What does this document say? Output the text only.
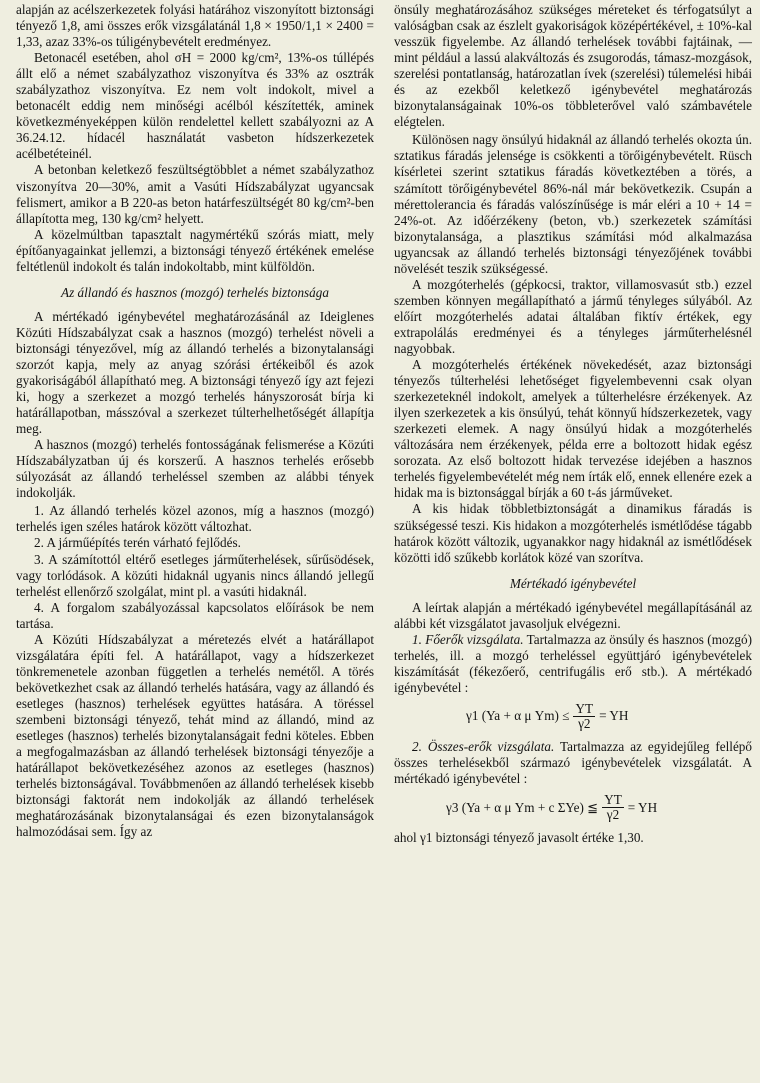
alapján az acélszerkezetek folyási határához viszonyított biztonsági tényező 1,8, ami összes erők vizsgálatánál 1,8 × 1950/1,1 × 2400 = 1,33, azaz 33%-os túligénybevételt eredményez.

Betonacél esetében, ahol σH = 2000 kg/cm², 13%-os túllépés állt elő a német szabályzathoz viszonyítva és 33% az osztrák szabályzathoz viszonyítva. Ez nem volt indokolt, mivel a betonacélt eddig nem minőségi acélból készítették, aminek következményeképpen külön rendelettel kellett szabályozni az A 36.24.12. hídacél használatát vasbeton hídszerkezetek acélbetéteinél.

A betonban keletkező feszültségtöbblet a német szabályzathoz viszonyítva 20—30%, amit a Vasúti Hídszabályzat ugyancsak felismert, amikor a B 220-as beton határfeszültségét 80 kg/cm²-ben állapította meg, 130 kg/cm² helyett.

A közelmúltban tapasztalt nagymértékű szórás miatt, mely építőanyagainkat jellemzi, a biztonsági tényező értékének emelése feltétlenül indokolt és talán indokoltabb, mint külföldön.

Az állandó és hasznos (mozgó) terhelés biztonsága

A mértékadó igénybevétel meghatározásánál az Ideiglenes Közúti Hídszabályzat csak a hasznos (mozgó) terhelést növeli a biztonsági tényezővel, míg az állandó terhelés a bizonytalansági szorzót kapja, mely az anyag szórási értékeiből és azok gyakoriságából állapítható meg. A biztonsági tényező így azt fejezi ki, hogy a szerkezet a mozgó terhelés hányszorosát bírja ki határállapotban, másszóval a szerkezet túlterhelhetőségét állapítja meg.

A hasznos (mozgó) terhelés fontosságának felismerése a Közúti Hídszabályzatban új és korszerű. A hasznos terhelés erősebb súlyozását az állandó terheléssel szemben az alábbi tények indokolják.

1. Az állandó terhelés közel azonos, míg a hasznos (mozgó) terhelés igen széles határok között változhat.

2. A járműépítés terén várható fejlődés.

3. A számítottól eltérő esetleges járműterhelések, sűrűsödések, vagy torlódások. A közúti hidaknál ugyanis nincs állandó jellegű terhelést ellenőrző szolgálat, mint pl. a vasúti hidaknál.

4. A forgalom szabályozással kapcsolatos előírások be nem tartása.

A Közúti Hídszabályzat a méretezés elvét a határállapot vizsgálatára építi fel. A határállapot, vagy a hídszerkezet tönkremenetele azonban független a terhelés nemétől. A törés bekövetkezhet csak az állandó terhelés hatására, vagy az állandó és esetleges (hasznos) terhelések együttes hatására. A töréssel szembeni biztonsági tényező, tehát mind az állandó, mind az esetleges (hasznos) terhelés bizonytalanságait fedni köteles. Ebben a megfogalmazásban az állandó terhelések biztonsági tényezője a határállapot bekövetkezéséhez azonos az esetleges (hasznos) terhelés biztonságával. Továbbmenően az állandó terhelések kisebb biztonsági faktorát nem indokolják az állandó terhelések meghatározásának bizonytalanságai és ezen bizonytalanságok halmozódásai sem. Így az

önsúly meghatározásához szükséges méreteket és térfogatsúlyt a valóságban csak az észlelt gyakoriságok középértékével, ± 10%-kal vesszük figyelembe. Az állandó terhelések további fajtáinak, — mint például a lassú alakváltozás és zsugorodás, támasz-mozgások, szerelési pontatlanság, határozatlan ívek (szerelési) túlemelési hibái és az ezekből keletkező igénybevétel meghatározás bizonytalanságainak 10%-os többleterővel való számbavétele elégtelen.

Különösen nagy önsúlyú hidaknál az állandó terhelés okozta ún. sztatikus fáradás jelensége is csökkenti a törőigénybevételt. Rüsch kísérletei szerint sztatikus fáradás következtében a törés, a számított törőigénybevétel 86%-nál már bekövetkezik. Csupán a mérettolerancia és fáradás valószínűsége is már eléri a 10 + 14 = 24%-ot. Az időérzékeny (beton, vb.) szerkezetek számítási bizonytalansága, a plasztikus számítási mód alkalmazása ugyancsak az állandó terhelés biztonsági tényezőjének további növelését teszik szükségessé.

A mozgóterhelés (gépkocsi, traktor, villamosvasút stb.) ezzel szemben könnyen megállapítható a jármű tényleges súlyából. Az előírt mozgóterhelés adatai általában fiktív értékek, egy extrapolálás eredményei és a tényleges járműterhelésnél nagyobbak.

A mozgóterhelés értékének növekedését, azaz biztonsági tényezős túlterhelési lehetőséget figyelembevenni csak olyan szerkezeteknél indokolt, amelyek a túlterhelésre érzékenyek. Az ilyen szerkezetek a kis önsúlyú, tehát könnyű hídszerkezetek, vagy szerkezeti elemek. A nagy önsúlyú hidak a mozgóterhelés változására nem érzékenyek, példa erre a boltozott hidak egész sorozata. Az első boltozott hidak tervezése idejében a hasznos terhelés figyelembevételét még nem írták elő, ennek ellenére ezek a hidak ma is biztonsággal bírják a 60 t-ás járműveket.

A kis hidak többletbiztonságát a dinamikus fáradás is szükségessé teszi. Kis hidakon a mozgóterhelés ismétlődése tágabb határok között változik, ugyanakkor nagy hidaknál az ismétlődések közötti idő szűkebb korlátok közé van szorítva.

Mértékadó igénybevétel

A leírtak alapján a mértékadó igénybevétel megállapításánál az alábbi két vizsgálatot javasoljuk elvégezni.

1. Főerők vizsgálata. Tartalmazza az önsúly és hasznos (mozgó) terhelés, ill. a mozgó terheléssel együttjáró igénybevételek kiszámítását (fékezőerő, centrifugális erő stb.). A mértékadó igénybevétel :

γ1 (Ya + α μ $Ym) \le \frac{YT}{\gamma 2}$ = YH

2. Összes-erők vizsgálata. Tartalmazza az egyidejűleg fellépő összes terhelésekből származó igénybevételek vizsgálatát. A mértékadó igénybevétel :

γ3 (Ya + α μ Ym + c ΣYe) ≦ $\frac{YT}{\gamma 2}$ = YH

ahol γ1 biztonsági tényező javasolt értéke 1,30.
